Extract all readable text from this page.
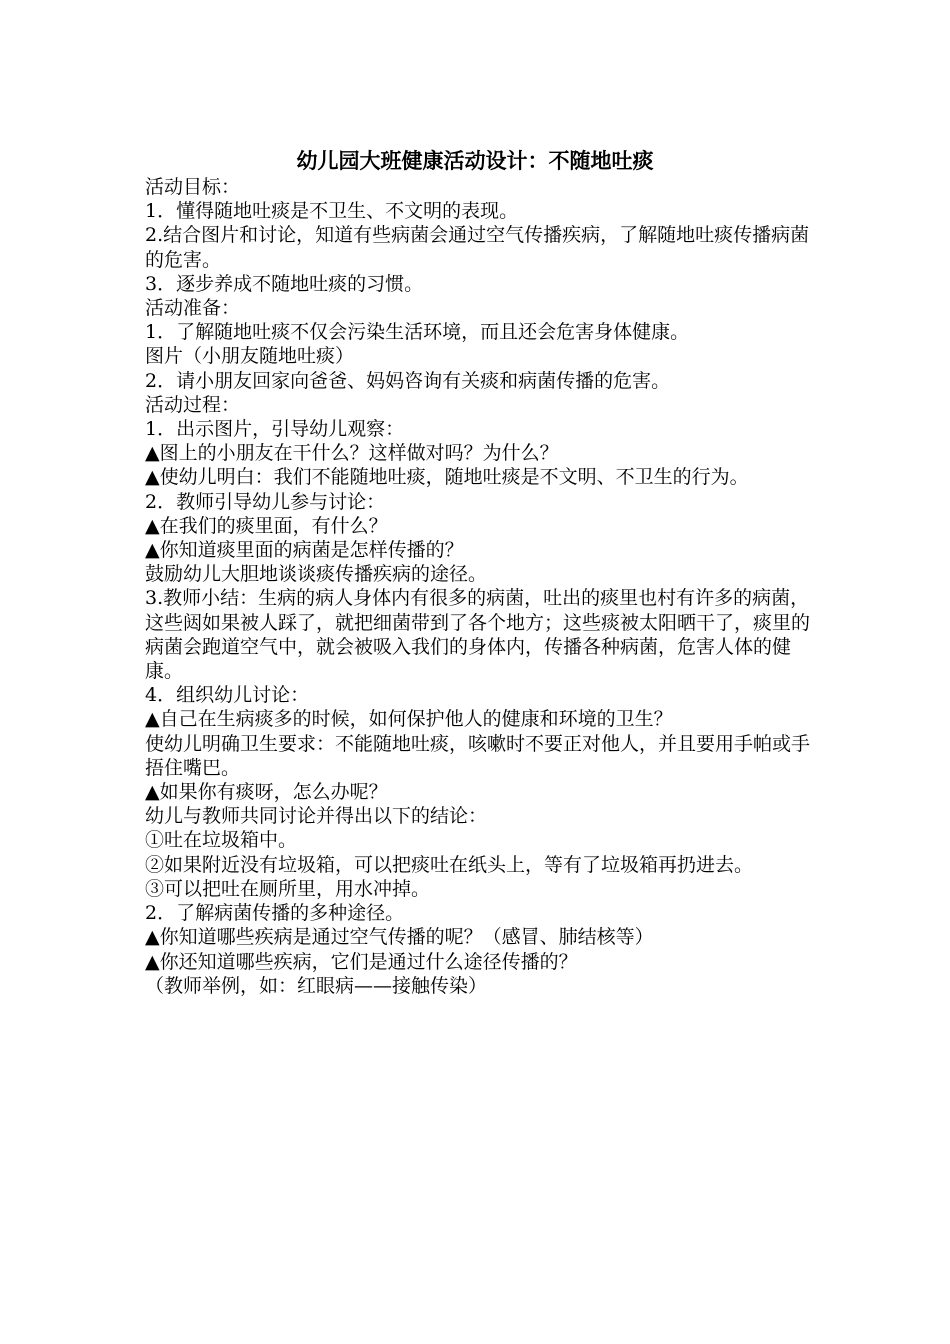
幼儿园大班健康活动设计：不随地吐痰

活动目标：

1．懂得随地吐痰是不卫生、不文明的表现。

2.结合图片和讨论，知道有些病菌会通过空气传播疾病，了解随地吐痰传播病菌的危害。

3．逐步养成不随地吐痰的习惯。

活动准备：

1．了解随地吐痰不仅会污染生活环境，而且还会危害身体健康。

图片（小朋友随地吐痰）

2．请小朋友回家向爸爸、妈妈咨询有关痰和病菌传播的危害。

活动过程：

1．出示图片，引导幼儿观察：

▲图上的小朋友在干什么？这样做对吗？为什么？

▲使幼儿明白：我们不能随地吐痰，随地吐痰是不文明、不卫生的行为。

2．教师引导幼儿参与讨论：

▲在我们的痰里面，有什么？

▲你知道痰里面的病菌是怎样传播的？

鼓励幼儿大胆地谈谈痰传播疾病的途径。

3.教师小结：生病的病人身体内有很多的病菌，吐出的痰里也村有许多的病菌，这些闼如果被人踩了，就把细菌带到了各个地方；这些痰被太阳晒干了，痰里的病菌会跑道空气中，就会被吸入我们的身体内，传播各种病菌，危害人体的健康。

4．组织幼儿讨论：

▲自己在生病痰多的时候，如何保护他人的健康和环境的卫生？

使幼儿明确卫生要求：不能随地吐痰，咳嗽时不要正对他人，并且要用手帕或手捂住嘴巴。

▲如果你有痰呀，怎么办呢？

幼儿与教师共同讨论并得出以下的结论：

①吐在垃圾箱中。

②如果附近没有垃圾箱，可以把痰吐在纸头上，等有了垃圾箱再扔进去。

③可以把吐在厕所里，用水冲掉。

2．了解病菌传播的多种途径。

▲你知道哪些疾病是通过空气传播的呢？（感冒、肺结核等）

▲你还知道哪些疾病，它们是通过什么途径传播的？

（教师举例，如：红眼病——接触传染）
